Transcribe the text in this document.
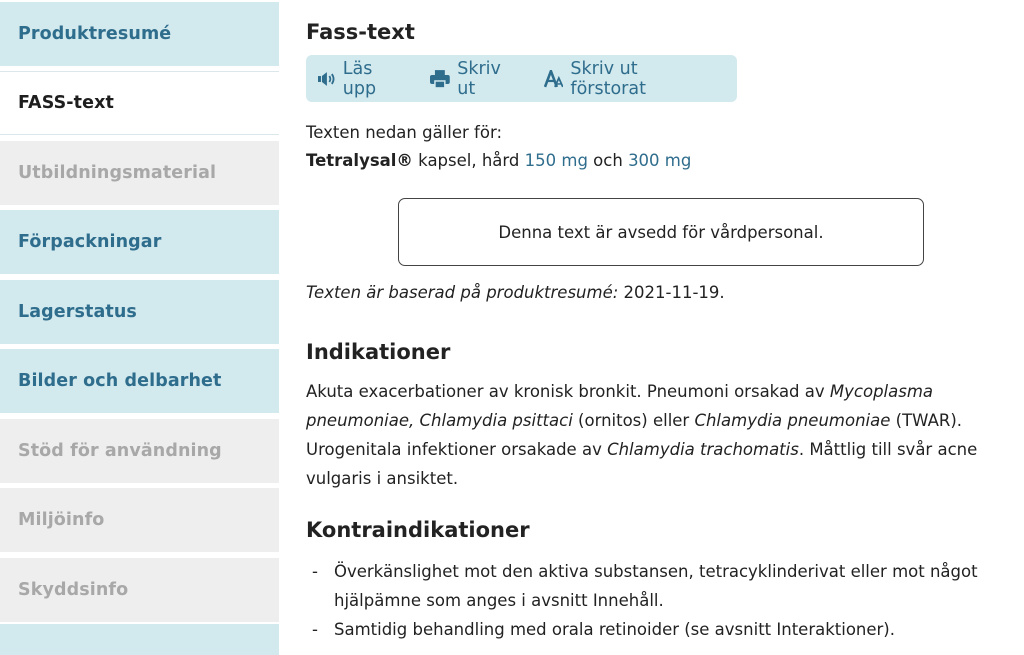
Produktresumé
FASS-text
Utbildningsmaterial
Förpackningar
Lagerstatus
Bilder och delbarhet
Stöd för användning
Miljöinfo
Skyddsinfo
Fass-text
Läs upp
Skriv ut
Skriv ut förstorat
Texten nedan gäller för:
Tetralysal® kapsel, hård 150 mg och 300 mg
Denna text är avsedd för vårdpersonal.
Texten är baserad på produktresumé: 2021-11-19.
Indikationer
Akuta exacerbationer av kronisk bronkit. Pneumoni orsakad av Mycoplasma pneumoniae, Chlamydia psittaci (ornitos) eller Chlamydia pneumoniae (TWAR). Urogenitala infektioner orsakade av Chlamydia trachomatis. Måttlig till svår acne vulgaris i ansiktet.
Kontraindikationer
- Överkänslighet mot den aktiva substansen, tetracyklinderivat eller mot något hjälpämne som anges i avsnitt Innehåll.
- Samtidig behandling med orala retinoider (se avsnitt Interaktioner).
